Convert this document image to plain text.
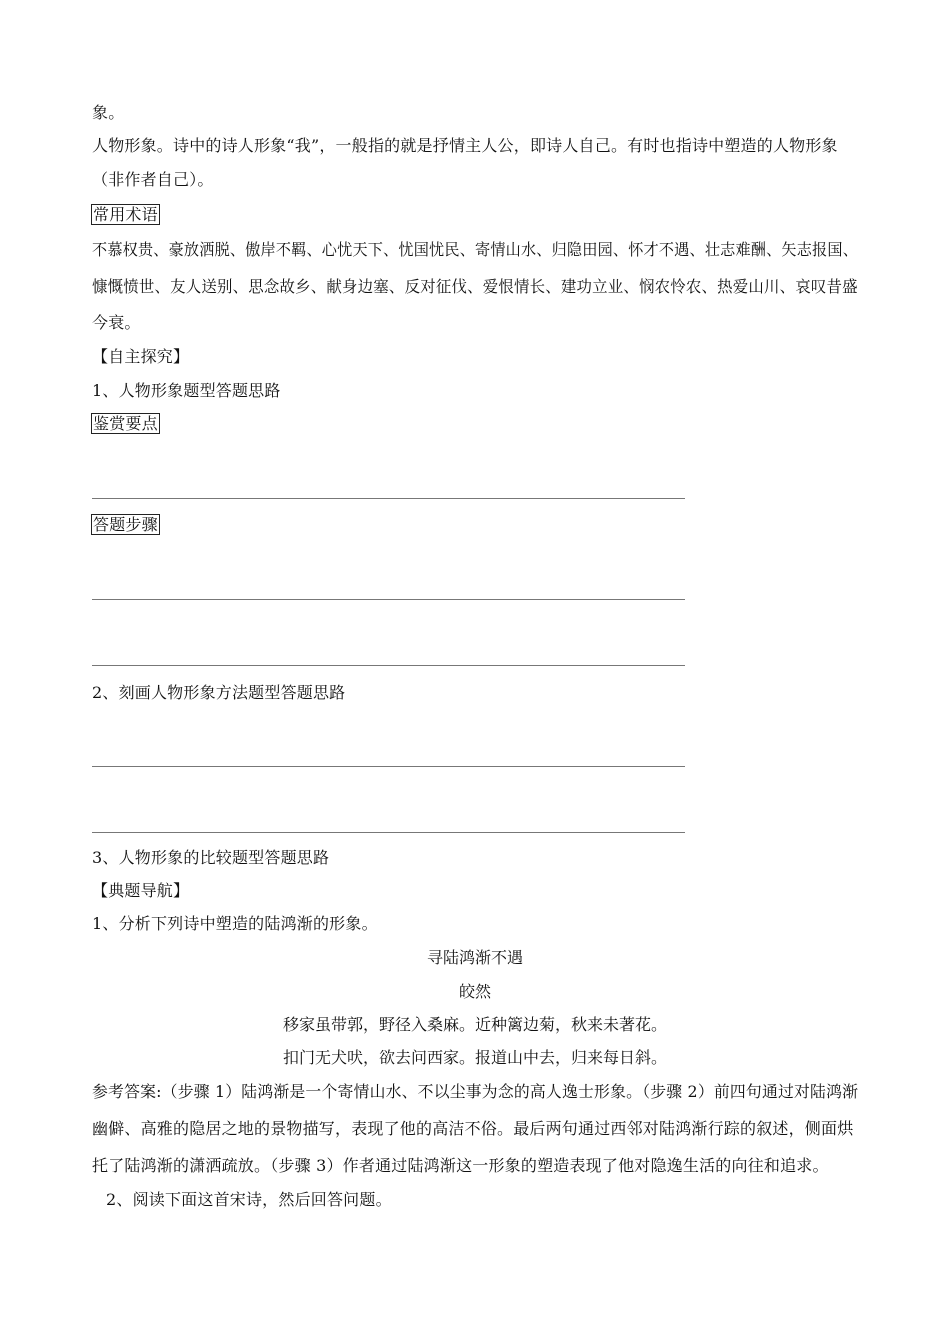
象。
人物形象。诗中的诗人形象“我”，一般指的就是抒情主人公，即诗人自己。有时也指诗中塑造的人物形象
（非作者自己）。
常用术语
不慕权贵、豪放洒脱、傲岸不羁、心忧天下、忧国忧民、寄情山水、归隐田园、怀才不遇、壮志难酬、矢志报国、
慷慨愤世、友人送别、思念故乡、献身边塞、反对征伐、爱恨情长、建功立业、悯农怜农、热爱山川、哀叹昔盛
今衰。
【自主探究】
1、人物形象题型答题思路
鉴赏要点
答题步骤
2、刻画人物形象方法题型答题思路
3、人物形象的比较题型答题思路
【典题导航】
1、分析下列诗中塑造的陆鸿渐的形象。
寻陆鸿渐不遇
皎然
移家虽带郭，野径入桑麻。近种篱边菊，秋来未著花。
扣门无犬吠，欲去问西家。报道山中去，归来每日斜。
参考答案:（步骤 1）陆鸿渐是一个寄情山水、不以尘事为念的高人逸士形象。（步骤 2）前四句通过对陆鸿渐
幽僻、高雅的隐居之地的景物描写，表现了他的高洁不俗。最后两句通过西邻对陆鸿渐行踪的叙述，侧面烘
托了陆鸿渐的潇洒疏放。（步骤 3）作者通过陆鸿渐这一形象的塑造表现了他对隐逸生活的向往和追求。
2、阅读下面这首宋诗，然后回答问题。
